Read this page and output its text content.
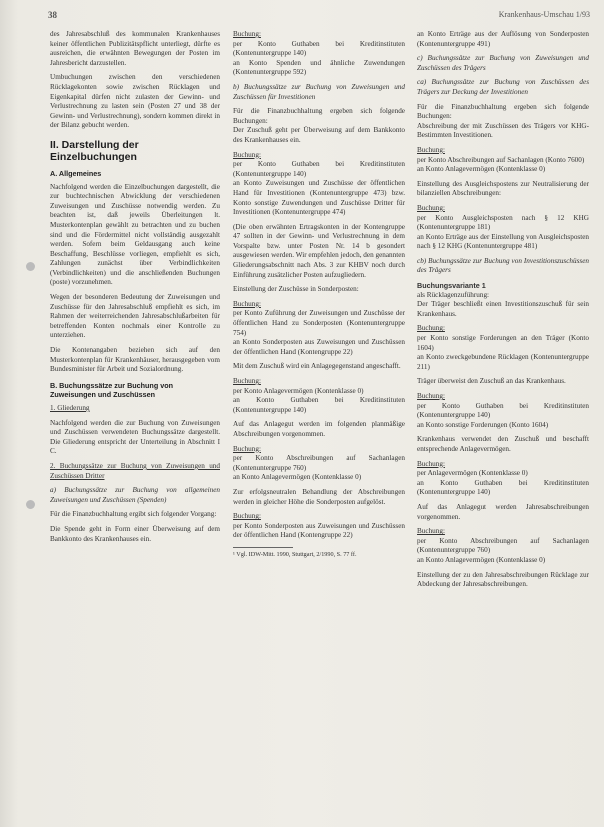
38	Krankenhaus-Umschau 1/93

des Jahresabschluß des kommunalen Krankenhauses keiner öffentlichen Publizitätspflicht unterliegt, dürfte es ausreichen, die erwähnten Bewegungen der Posten im Jahresbericht darzustellen.

Umbuchungen zwischen den verschiedenen Rücklagekonten sowie zwischen Rücklagen und Eigenkapital dürfen nicht zulasten der Gewinn- und Verlustrechnung zu lasten sein (Posten 27 und 38 der Gewinn- und Verlustrechnung), sondern kommen direkt in der Bilanz gebucht werden.

II. Darstellung der Einzelbuchungen
A. Allgemeines

Nachfolgend werden die Einzelbuchungen dargestellt, die zur buchtechnischen Abwicklung der verschiedenen Zuweisungen und Zuschüsse notwendig werden. Zu beachten ist, daß jeweils Überleitungen lt. Musterkontenplan gewählt zu betrachten und zu buchen sind und die Fördermittel nicht vollständig ausgezahlt werden. Sofern beim Geldausgang auch keine Beschaffung, Beschlüsse vorliegen, empfiehlt es sich, Zahlungen zunächst über Verbindlichkeiten (Verbindlichkeiten) und die anschließenden Buchungen (poste) vorzunehmen.

Wegen der besonderen Bedeutung der Zuweisungen und Zuschüsse für den Jahresabschluß empfiehlt es sich, im Rahmen der weiterreichenden Jahresabschlußarbeiten für betreffenden Konten nochmals einer Kontrolle zu unterziehen.

Die Kontenangaben beziehen sich auf den Musterkontenplan für Krankenhäuser, herausgegeben vom Bundesminister für Arbeit und Sozialordnung.

B. Buchungssätze zur Buchung von Zuweisungen und Zuschüssen

1. Gliederung

Nachfolgend werden die zur Buchung von Zuweisungen und Zuschüssen verwendeten Buchungssätze dargestellt. Die Gliederung entspricht der Unterteilung in Abschnitt I C.

2. Buchungssätze zur Buchung von Zuweisungen und Zuschüssen Dritter

a) Buchungssätze zur Buchung von allgemeinen Zuweisungen und Zuschüssen (Spenden)

Für die Finanzbuchhaltung ergibt sich folgender Vorgang:

Die Spende geht in Form einer Überweisung auf dem Bankkonto des Krankenhauses ein.

Buchung:

per Konto Guthaben bei Kreditinstituten (Kontenuntergruppe 140)

an Konto Spenden und ähnliche Zuwendungen (Kontenuntergruppe 592)

b) Buchungssätze zur Buchung von Zuweisungen und Zuschüssen für Investitionen

Für die Finanzbuchhaltung ergeben sich folgende Buchungen:

Der Zuschuß geht per Überweisung auf dem Bankkonto des Krankenhauses ein.

Buchung:

per Konto Guthaben bei Kreditinstituten (Kontenuntergruppe 140)

an Konto Zuweisungen und Zuschüsse der öffentlichen Hand für Investitionen (Kontenuntergruppe 473) bzw. Konto sonstige Zuwendungen und Zuschüsse Dritter für Investitionen (Kontenuntergruppe 474)

(Die oben erwähnten Ertragskonten in der Kontengruppe 47 sollten in der Gewinn- und Verlustrechnung in dem Vorspalte bzw. unter Posten Nr. 14 b gesondert ausgewiesen werden. Wir empfehlen jedoch, den genannten Gliederungsabschnitt nach Abs. 3 zur KHBV noch durch Einführung zusätzlicher Posten aufzugliedern.

Einstellung der Zuschüsse in Sonderposten:

Buchung:

per Konto Zuführung der Zuweisungen und Zuschüsse der öffentlichen Hand zu Sonderposten (Kontenuntergruppe 754)

an Konto Sonderposten aus Zuweisungen und Zuschüssen der öffentlichen Hand (Kontengruppe 22)

Mit dem Zuschuß wird ein Anlagegegenstand angeschafft.

Buchung:

per Konto Anlagevermögen (Kontenklasse 0)

an Konto Guthaben bei Kreditinstituten (Kontenuntergruppe 140)

Auf das Anlagegut werden im folgenden planmäßige Abschreibungen vorgenommen.

Buchung:

per Konto Abschreibungen auf Sachanlagen (Kontenuntergruppe 760)

an Konto Anlagevermögen (Kontenklasse 0)

Zur erfolgsneutralen Behandlung der Abschreibungen werden in gleicher Höhe die Sonderposten aufgelöst.

Buchung:

per Konto Sonderposten aus Zuweisungen und Zuschüssen der öffentlichen Hand (Kontengruppe 22)

¹ Vgl. IDW-Mitt. 1990, Stuttgart, 2/1990, S. 77 ff.

an Konto Erträge aus der Auflösung von Sonderposten (Kontenuntergruppe 491)

c) Buchungssätze zur Buchung von Zuweisungen und Zuschüssen des Trägers

ca) Buchungssätze zur Buchung von Zuschüssen des Trägers zur Deckung der Investitionen

Für die Finanzbuchhaltung ergeben sich folgende Buchungen:

Abschreibung der mit Zuschüssen des Trägers vor KHG-Bestimmten Investitionen.

Buchung:

per Konto Abschreibungen auf Sachanlagen (Konto 7600)

an Konto Anlagevermögen (Kontenklasse 0)

Einstellung des Ausgleichspostens zur Neutralisierung der bilanziellen Abschreibungen:

Buchung:

per Konto Ausgleichsposten nach § 12 KHG (Kontenuntergruppe 181)

an Konto Erträge aus der Einstellung von Ausgleichsposten nach § 12 KHG (Kontenuntergruppe 481)

cb) Buchungssätze zur Buchung von Investitionszuschüssen des Trägers

Buchungsvariante 1

als Rücklagenzuführung:

Der Träger beschließt einen Investitionszuschuß für sein Krankenhaus.

Buchung:

per Konto sonstige Forderungen an den Träger (Konto 1604)

an Konto zweckgebundene Rücklagen (Kontenuntergruppe 211)

Träger überweist den Zuschuß an das Krankenhaus.

Buchung:

per Konto Guthaben bei Kreditinstituten (Kontenuntergruppe 140)

an Konto sonstige Forderungen (Konto 1604)

Krankenhaus verwendet den Zuschuß und beschafft entsprechende Anlagevermögen.

Buchung:

per Anlagevermögen (Kontenklasse 0)

an Konto Guthaben bei Kreditinstituten (Kontenuntergruppe 140)

Auf das Anlagegut werden Jahresabschreibungen vorgenommen.

Buchung:

per Konto Abschreibungen auf Sachanlagen (Kontenuntergruppe 760)

an Konto Anlagevermögen (Kontenklasse 0)

Einstellung der zu den Jahresabschreibungen Rücklage zur Abdeckung der Jahresabschreibungen.
